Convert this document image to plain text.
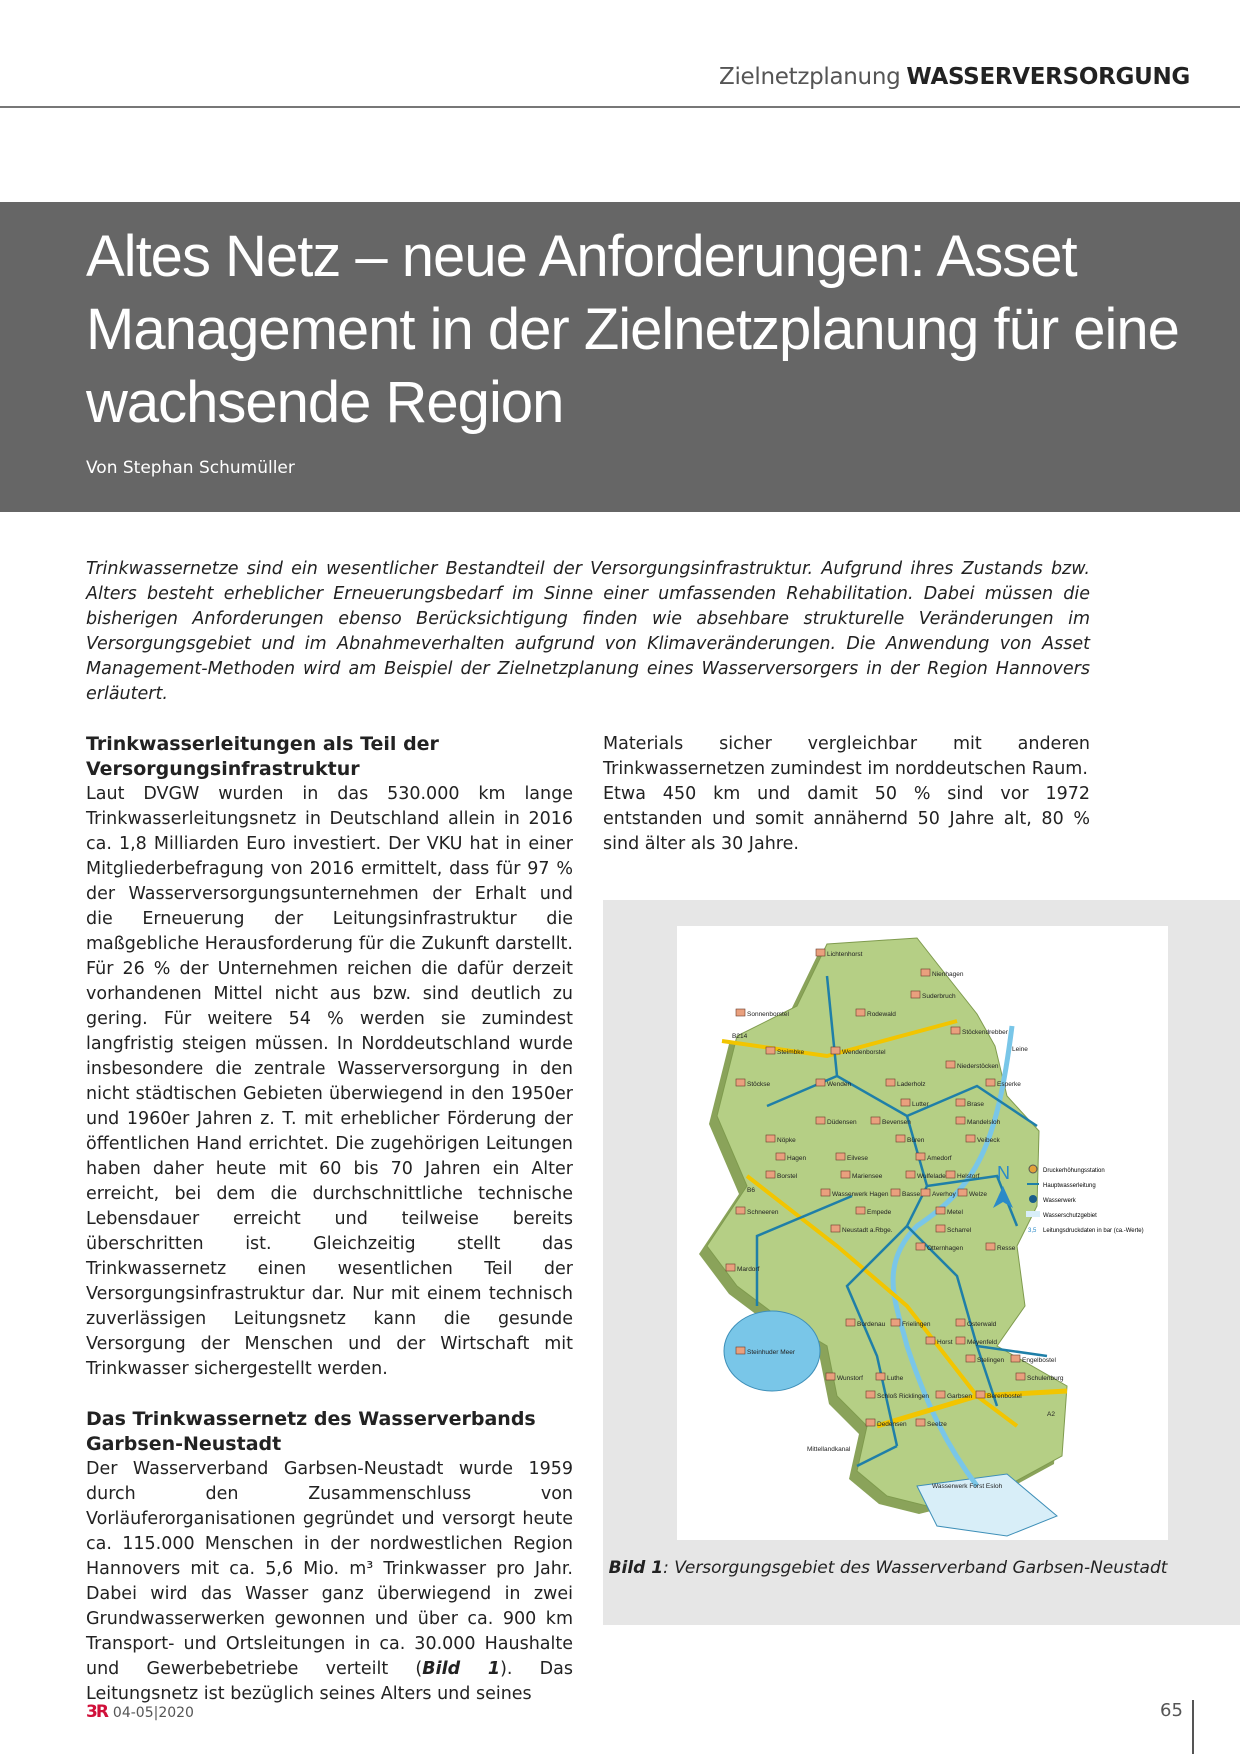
Zielnetzplanung WASSERVERSORGUNG
Altes Netz – neue Anforderungen: Asset Management in der Zielnetzplanung für eine wachsende Region
Von Stephan Schumüller

Trinkwassernetze sind ein wesentlicher Bestandteil der Versorgungsinfrastruktur. Aufgrund ihres Zustands bzw. Alters besteht erheblicher Erneuerungsbedarf im Sinne einer umfassenden Rehabilitation. Dabei müssen die bisherigen Anforderungen ebenso Berücksichtigung finden wie absehbare strukturelle Veränderungen im Versorgungsgebiet und im Abnahmeverhalten aufgrund von Klimaveränderungen. Die Anwendung von Asset Management-Methoden wird am Beispiel der Zielnetzplanung eines Wasserversorgers in der Region Hannovers erläutert.

Trinkwasserleitungen als Teil der Versorgungsinfrastruktur

Laut DVGW wurden in das 530.000 km lange Trinkwasserleitungsnetz in Deutschland allein in 2016 ca. 1,8 Milliarden Euro investiert. Der VKU hat in einer Mitgliederbefragung von 2016 ermittelt, dass für 97 % der Wasserversorgungsunternehmen der Erhalt und die Erneuerung der Leitungsinfrastruktur die maßgebliche Herausforderung für die Zukunft darstellt. Für 26 % der Unternehmen reichen die dafür derzeit vorhandenen Mittel nicht aus bzw. sind deutlich zu gering. Für weitere 54 % werden sie zumindest langfristig steigen müssen. In Norddeutschland wurde insbesondere die zentrale Wasserversorgung in den nicht städtischen Gebieten überwiegend in den 1950er und 1960er Jahren z. T. mit erheblicher Förderung der öffentlichen Hand errichtet. Die zugehörigen Leitungen haben daher heute mit 60 bis 70 Jahren ein Alter erreicht, bei dem die durchschnittliche technische Lebensdauer erreicht und teilweise bereits überschritten ist. Gleichzeitig stellt das Trinkwassernetz einen wesentlichen Teil der Versorgungsinfrastruktur dar. Nur mit einem technisch zuverlässigen Leitungsnetz kann die gesunde Versorgung der Menschen und der Wirtschaft mit Trinkwasser sichergestellt werden.

Das Trinkwassernetz des Wasserverbands Garbsen-Neustadt

Der Wasserverband Garbsen-Neustadt wurde 1959 durch den Zusammenschluss von Vorläuferorganisationen gegründet und versorgt heute ca. 115.000 Menschen in der nordwestlichen Region Hannovers mit ca. 5,6 Mio. m³ Trinkwasser pro Jahr. Dabei wird das Wasser ganz überwiegend in zwei Grundwasserwerken gewonnen und über ca. 900 km Transport- und Ortsleitungen in ca. 30.000 Haushalte und Gewerbebetriebe verteilt (Bild 1). Das Leitungsnetz ist bezüglich seines Alters und seines

Materials sicher vergleichbar mit anderen Trinkwassernetzen zumindest im norddeutschen Raum.

Etwa 450 km und damit 50 % sind vor 1972 entstanden und somit annähernd 50 Jahre alt, 80 % sind älter als 30 Jahre.

Lichtenhorst
Nienhagen
Sonnenborstel	Rodewald
Suderbruch
Steimbke	Wendenborstel
Stöckendrebber
Niederstöcken
Stöckse	Wenden	Esperke
Laderholz
Lutter	Brase
Bevensen	Mandelsloh
Düdensen
Veibeck
Nöpke	Büren
Amedorf
Helstorf
Welze
Borstel
Hagen	Eilvese
Mariensee	Wulfelade
Averhoy
Wasserwerk Hagen Basse
Empede
Schneeren	Metel
Scharrel
Neustadt a.Rbge.
Otternhagen	Resse
Mardorf
Steinhuder Meer
Bordenau	Frielingen	Osterwald
Horst Meyenfeld
Stelingen	Engelbostel
Schulenburg
Wunstorf	Luthe
Schloß Ricklingen	Garbsen Berenbostel
Dedensen	Seelze
Wasserwerk Forst Esloh
Mittellandkanal
Leine
B6
B214
A2
N	Druckerhöhungsstation
Hauptwasserleitung
Wasserwerk
Wasserschutzgebiet
3,5 Leitungsdruckdaten in bar (ca.-Werte)
Bild 1: Versorgungsgebiet des Wasserverband Garbsen-Neustadt
3R 04-05|2020	65
